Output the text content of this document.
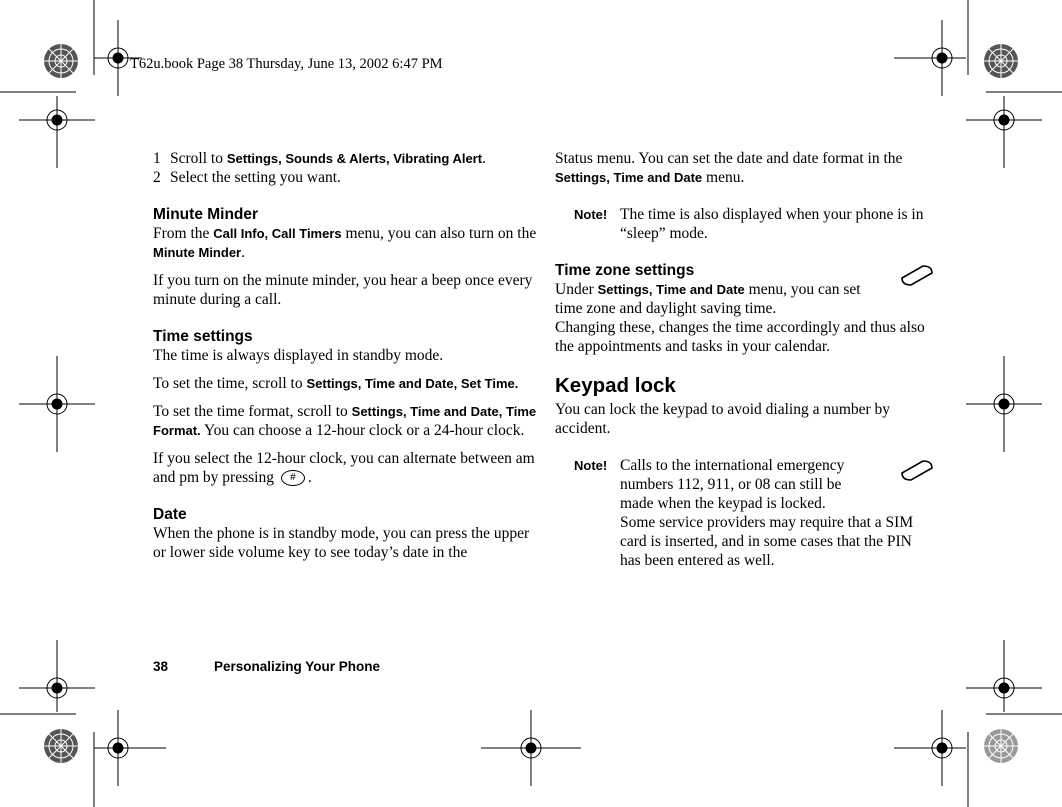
T62u.book Page 38 Thursday, June 13, 2002 6:47 PM
1 Scroll to Settings, Sounds & Alerts, Vibrating Alert.
2 Select the setting you want.
Minute Minder

From the Call Info, Call Timers menu, you can also turn on the Minute Minder.

If you turn on the minute minder, you hear a beep once every minute during a call.

Time settings

The time is always displayed in standby mode.

To set the time, scroll to Settings, Time and Date, Set Time.

To set the time format, scroll to Settings, Time and Date, Time Format. You can choose a 12-hour clock or a 24-hour clock.

If you select the 12-hour clock, you can alternate between am and pm by pressing # .

Date

When the phone is in standby mode, you can press the upper or lower side volume key to see today’s date in the

Status menu. You can set the date and date format in the Settings, Time and Date menu.

Note! The time is also displayed when your phone is in “sleep” mode.
Time zone settings

Under Settings, Time and Date menu, you can set time zone and daylight saving time.

Changing these, changes the time accordingly and thus also the appointments and tasks in your calendar.

Keypad lock

You can lock the keypad to avoid dialing a number by accident.

Note! Calls to the international emergency numbers 112, 911, or 08 can still be made when the keypad is locked.
Some service providers may require that a SIM card is inserted, and in some cases that the PIN has been entered as well.
38	Personalizing Your Phone
